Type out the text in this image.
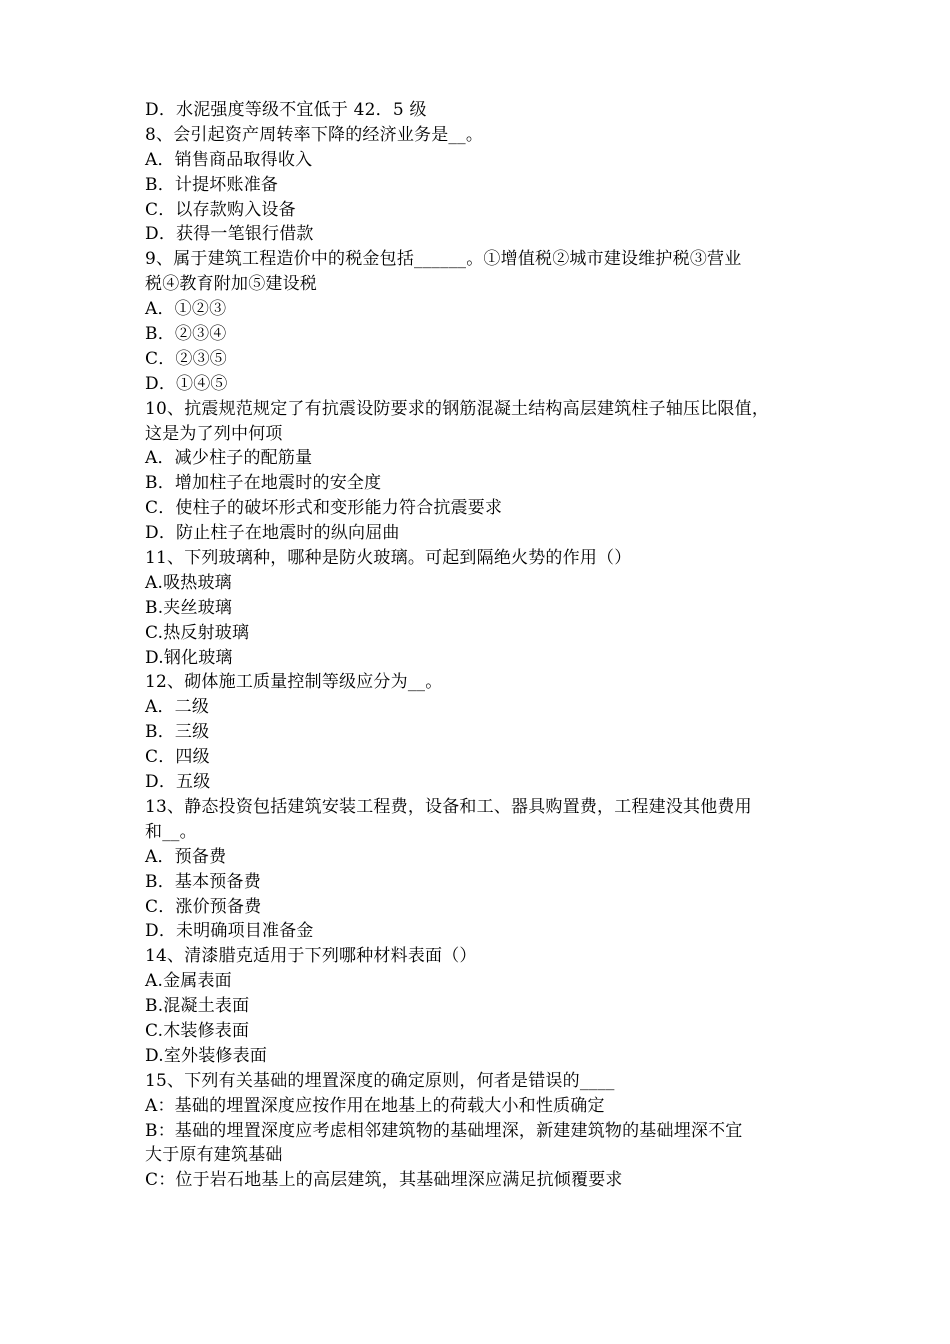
D．水泥强度等级不宜低于 42．5 级
8、会引起资产周转率下降的经济业务是__。
A．销售商品取得收入
B．计提坏账准备
C．以存款购入设备
D．获得一笔银行借款
9、属于建筑工程造价中的税金包括______。①增值税②城市建设维护税③营业
税④教育附加⑤建设税
A．①②③
B．②③④
C．②③⑤
D．①④⑤
10、抗震规范规定了有抗震设防要求的钢筋混凝土结构高层建筑柱子轴压比限值，
这是为了列中何项
A．减少柱子的配筋量
B．增加柱子在地震时的安全度
C．使柱子的破坏形式和变形能力符合抗震要求
D．防止柱子在地震时的纵向屈曲
11、下列玻璃种，哪种是防火玻璃。可起到隔绝火势的作用（）
A.吸热玻璃
B.夹丝玻璃
C.热反射玻璃
D.钢化玻璃
12、砌体施工质量控制等级应分为__。
A．二级
B．三级
C．四级
D．五级
13、静态投资包括建筑安装工程费，设备和工、器具购置费，工程建没其他费用
和__。
A．预备费
B．基本预备费
C．涨价预备费
D．未明确项目准备金
14、清漆腊克适用于下列哪种材料表面（）
A.金属表面
B.混凝土表面
C.木装修表面
D.室外装修表面
15、下列有关基础的埋置深度的确定原则，何者是错误的____
A：基础的埋置深度应按作用在地基上的荷载大小和性质确定
B：基础的埋置深度应考虑相邻建筑物的基础埋深，新建建筑物的基础埋深不宜
大于原有建筑基础
C：位于岩石地基上的高层建筑，其基础埋深应满足抗倾覆要求
